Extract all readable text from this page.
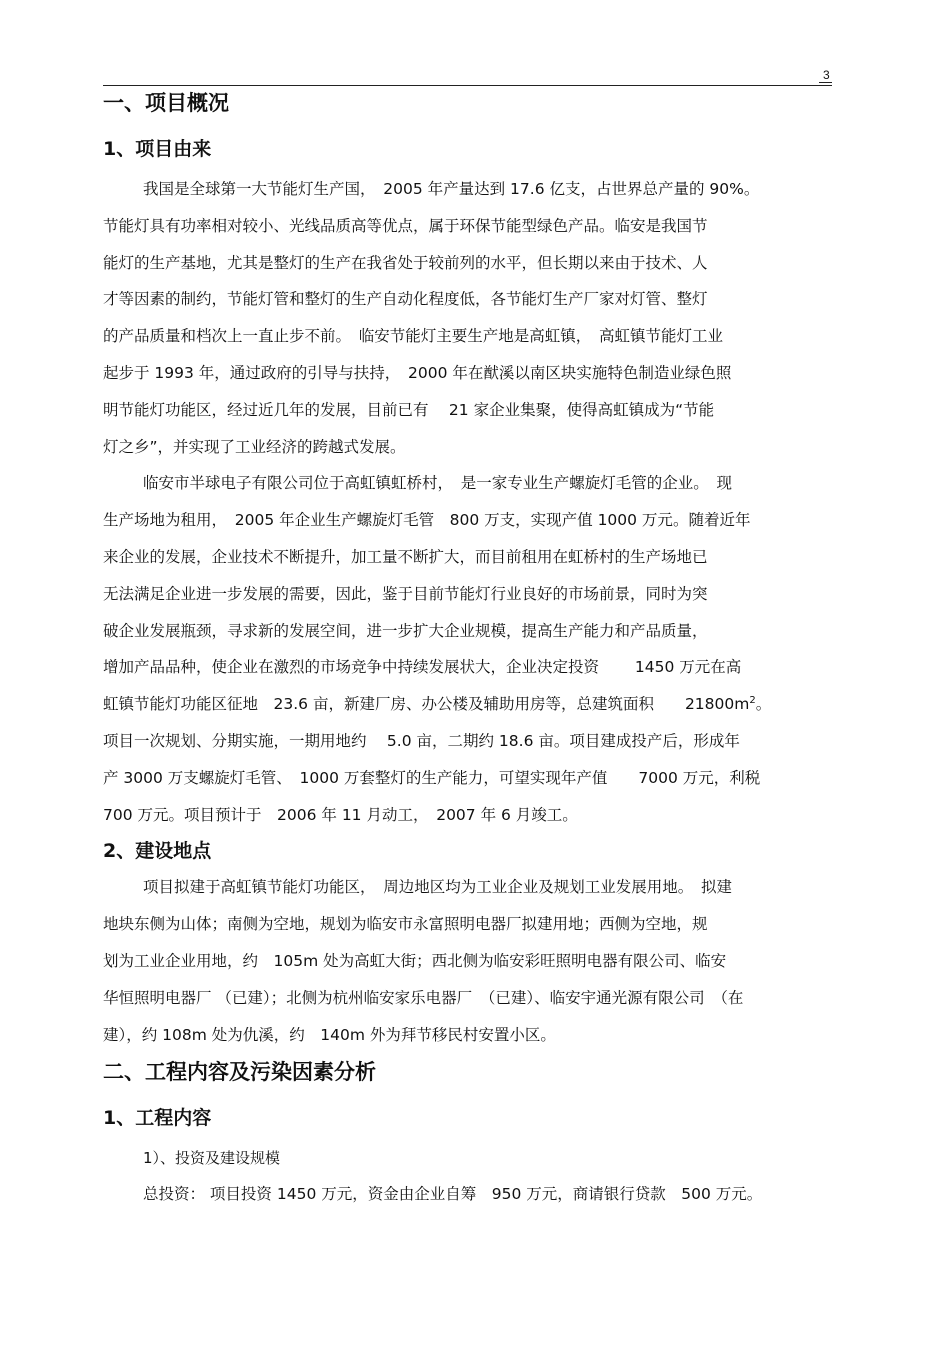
3
一、项目概况
1、项目由来

我国是全球第一大节能灯生产国，　2005 年产量达到 17.6 亿支，占世界总产量的 90%。
节能灯具有功率相对较小、光线品质高等优点，属于环保节能型绿色产品。临安是我国节
能灯的生产基地，尤其是整灯的生产在我省处于较前列的水平，但长期以来由于技术、人
才等因素的制约，节能灯管和整灯的生产自动化程度低，各节能灯生产厂家对灯管、整灯
的产品质量和档次上一直止步不前。　临安节能灯主要生产地是高虹镇，　高虹镇节能灯工业
起步于 1993 年，通过政府的引导与扶持，　2000 年在猷溪以南区块实施特色制造业绿色照
明节能灯功能区，经过近几年的发展，目前已有　 21 家企业集聚，使得高虹镇成为“节能
灯之乡”，并实现了工业经济的跨越式发展。

临安市半球电子有限公司位于高虹镇虹桥村，　是一家专业生产螺旋灯毛管的企业。　现
生产场地为租用，　2005 年企业生产螺旋灯毛管　800 万支，实现产值 1000 万元。随着近年
来企业的发展，企业技术不断提升，加工量不断扩大，而目前租用在虹桥村的生产场地已
无法满足企业进一步发展的需要，因此，鉴于目前节能灯行业良好的市场前景，同时为突
破企业发展瓶颈，寻求新的发展空间，进一步扩大企业规模，提高生产能力和产品质量，
增加产品品种，使企业在激烈的市场竞争中持续发展状大，企业决定投资　　 1450 万元在高
虹镇节能灯功能区征地　23.6 亩，新建厂房、办公楼及辅助用房等，总建筑面积　　$21800m^2$。
项目一次规划、分期实施，一期用地约　 5.0 亩，二期约 18.6 亩。项目建成投产后，形成年
产 3000 万支螺旋灯毛管、　1000 万套整灯的生产能力，可望实现年产值　　7000 万元，利税
700 万元。项目预计于　2006 年 11 月动工，　2007 年 6 月竣工。

2、建设地点

项目拟建于高虹镇节能灯功能区，　周边地区均为工业企业及规划工业发展用地。　拟建
地块东侧为山体；南侧为空地，规划为临安市永富照明电器厂拟建用地；西侧为空地，规
划为工业企业用地，约　105m 处为高虹大街；西北侧为临安彩旺照明电器有限公司、临安
华恒照明电器厂 （已建）；北侧为杭州临安家乐电器厂　（已建）、临安宇通光源有限公司　（在
建），约 108m 处为仇溪，约　140m 外为拜节移民村安置小区。

二、工程内容及污染因素分析
1、工程内容
1）、投资及建设规模

总投资： 项目投资 1450 万元，资金由企业自筹　950 万元，商请银行贷款　500 万元。
